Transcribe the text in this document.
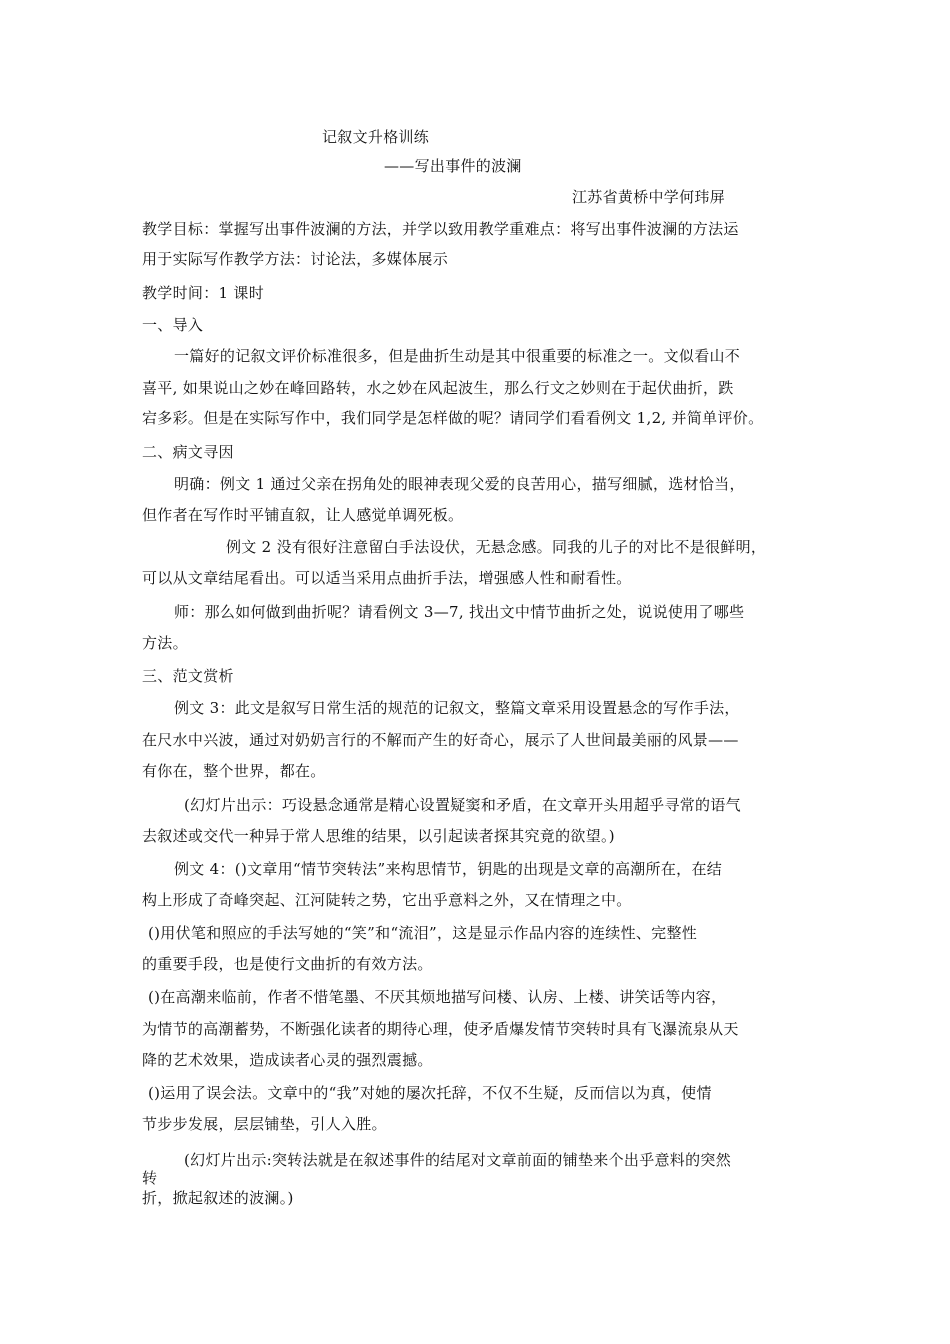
记叙文升格训练
——写出事件的波澜
江苏省黄桥中学何玮屏
教学目标：掌握写出事件波澜的方法，并学以致用教学重难点：将写出事件波澜的方法运
用于实际写作教学方法：讨论法，多媒体展示
教学时间：1 课时
一、导入
一篇好的记叙文评价标准很多，但是曲折生动是其中很重要的标准之一。文似看山不
喜平, 如果说山之妙在峰回路转，水之妙在风起波生，那么行文之妙则在于起伏曲折，跌
宕多彩。但是在实际写作中，我们同学是怎样做的呢？请同学们看看例文 1,2, 并简单评价。
二、病文寻因
明确：例文 1 通过父亲在拐角处的眼神表现父爱的良苦用心，描写细腻，选材恰当，
但作者在写作时平铺直叙，让人感觉单调死板。
例文 2 没有很好注意留白手法设伏，无悬念感。同我的儿子的对比不是很鲜明，
可以从文章结尾看出。可以适当采用点曲折手法，增强感人性和耐看性。
师：那么如何做到曲折呢？请看例文 3—7, 找出文中情节曲折之处，说说使用了哪些
方法。
三、范文赏析
例文 3：此文是叙写日常生活的规范的记叙文，整篇文章采用设置悬念的写作手法，
在尺水中兴波，通过对奶奶言行的不解而产生的好奇心，展示了人世间最美丽的风景——
有你在，整个世界，都在。
(幻灯片出示：巧设悬念通常是精心设置疑窦和矛盾，在文章开头用超乎寻常的语气
去叙述或交代一种异于常人思维的结果，以引起读者探其究竟的欲望。)
例文 4：()文章用“情节突转法”来构思情节，钥匙的出现是文章的高潮所在，在结
构上形成了奇峰突起、江河陡转之势，它出乎意料之外，又在情理之中。
()用伏笔和照应的手法写她的“笑”和“流泪”，这是显示作品内容的连续性、完整性
的重要手段，也是使行文曲折的有效方法。
()在高潮来临前，作者不惜笔墨、不厌其烦地描写问楼、认房、上楼、讲笑话等内容，
为情节的高潮蓄势，不断强化读者的期待心理，使矛盾爆发情节突转时具有飞瀑流泉从天
降的艺术效果，造成读者心灵的强烈震撼。
()运用了误会法。文章中的“我”对她的屡次托辞，不仅不生疑，反而信以为真，使情
节步步发展，层层铺垫，引人入胜。
(幻灯片出示:突转法就是在叙述事件的结尾对文章前面的铺垫来个出乎意料的突然
转
折，掀起叙述的波澜。)
